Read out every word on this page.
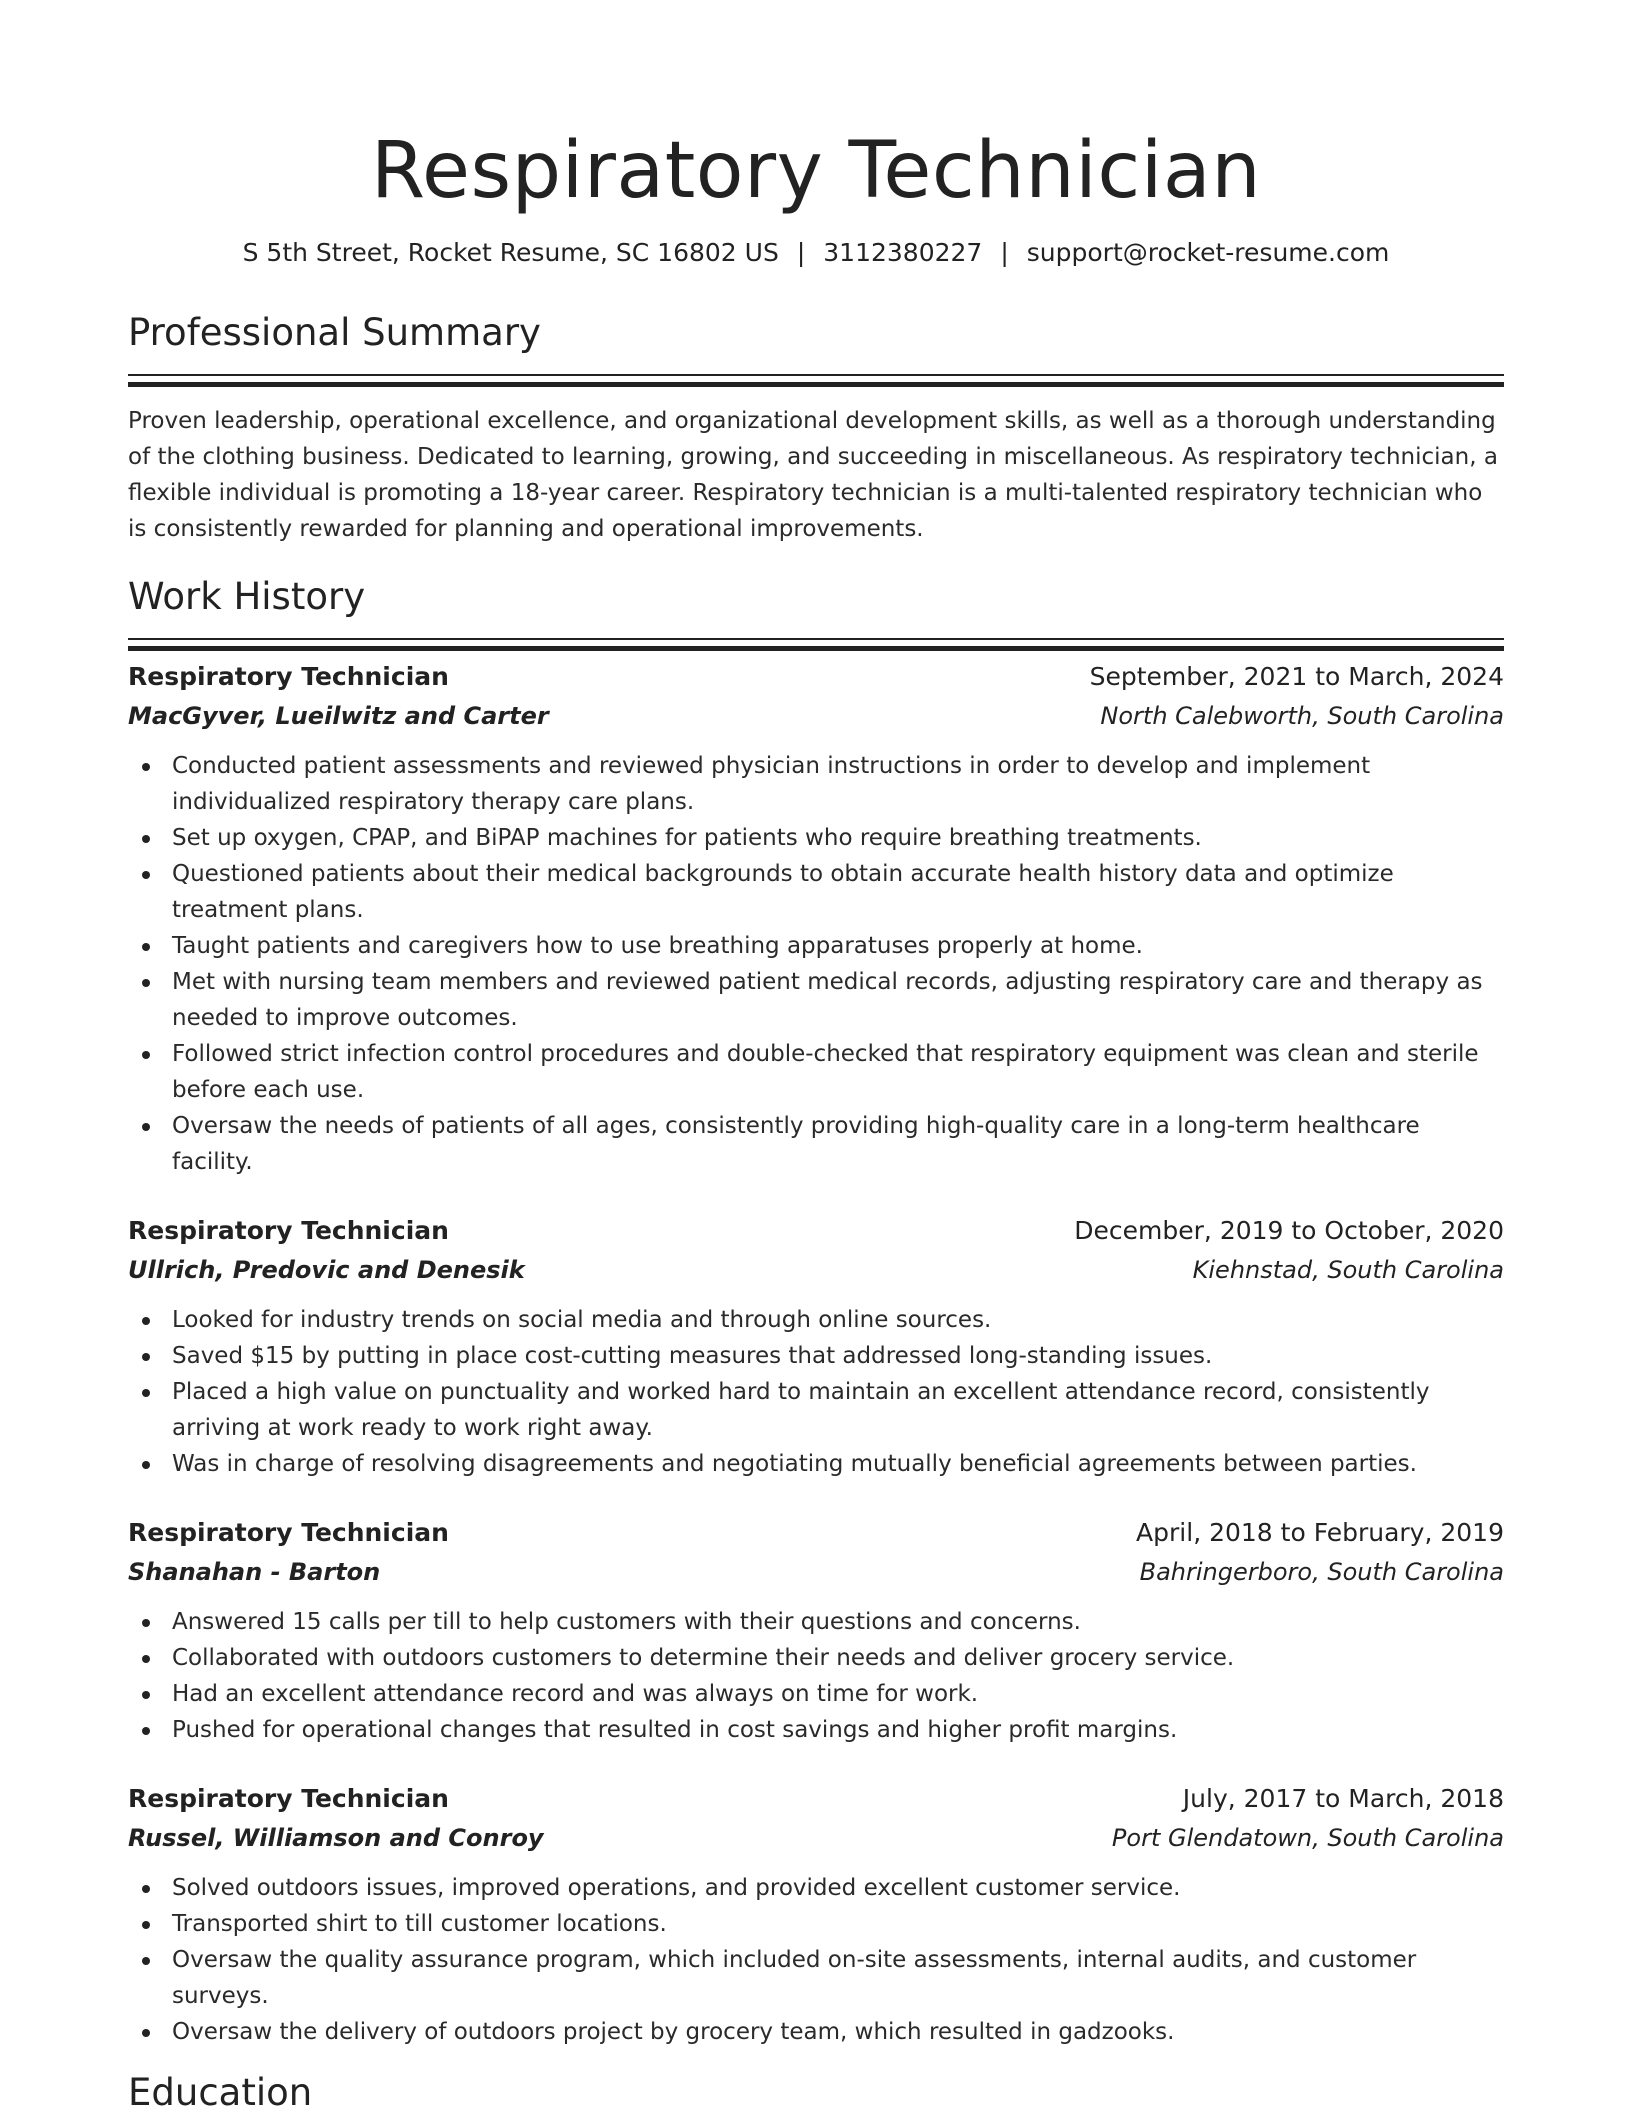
Respiratory Technician
S 5th Street, Rocket Resume, SC 16802 US | 3112380227 | support@rocket-resume.com
Professional Summary

Proven leadership, operational excellence, and organizational development skills, as well as a thorough understanding of the clothing business. Dedicated to learning, growing, and succeeding in miscellaneous. As respiratory technician, a flexible individual is promoting a 18-year career. Respiratory technician is a multi-talented respiratory technician who is consistently rewarded for planning and operational improvements.

Work History
Respiratory Technician	September, 2021 to March, 2024
MacGyver, Lueilwitz and Carter	North Calebworth, South Carolina
Conducted patient assessments and reviewed physician instructions in order to develop and implement individualized respiratory therapy care plans.
Set up oxygen, CPAP, and BiPAP machines for patients who require breathing treatments.
Questioned patients about their medical backgrounds to obtain accurate health history data and optimize treatment plans.
Taught patients and caregivers how to use breathing apparatuses properly at home.
Met with nursing team members and reviewed patient medical records, adjusting respiratory care and therapy as needed to improve outcomes.
Followed strict infection control procedures and double-checked that respiratory equipment was clean and sterile before each use.
Oversaw the needs of patients of all ages, consistently providing high-quality care in a long-term healthcare facility.
Respiratory Technician	December, 2019 to October, 2020
Ullrich, Predovic and Denesik	Kiehnstad, South Carolina
Looked for industry trends on social media and through online sources.
Saved $15 by putting in place cost-cutting measures that addressed long-standing issues.
Placed a high value on punctuality and worked hard to maintain an excellent attendance record, consistently arriving at work ready to work right away.
Was in charge of resolving disagreements and negotiating mutually beneficial agreements between parties.
Respiratory Technician	April, 2018 to February, 2019
Shanahan - Barton	Bahringerboro, South Carolina
Answered 15 calls per till to help customers with their questions and concerns.
Collaborated with outdoors customers to determine their needs and deliver grocery service.
Had an excellent attendance record and was always on time for work.
Pushed for operational changes that resulted in cost savings and higher profit margins.
Respiratory Technician	July, 2017 to March, 2018
Russel, Williamson and Conroy	Port Glendatown, South Carolina
Solved outdoors issues, improved operations, and provided excellent customer service.
Transported shirt to till customer locations.
Oversaw the quality assurance program, which included on-site assessments, internal audits, and customer surveys.
Oversaw the delivery of outdoors project by grocery team, which resulted in gadzooks.
Education
